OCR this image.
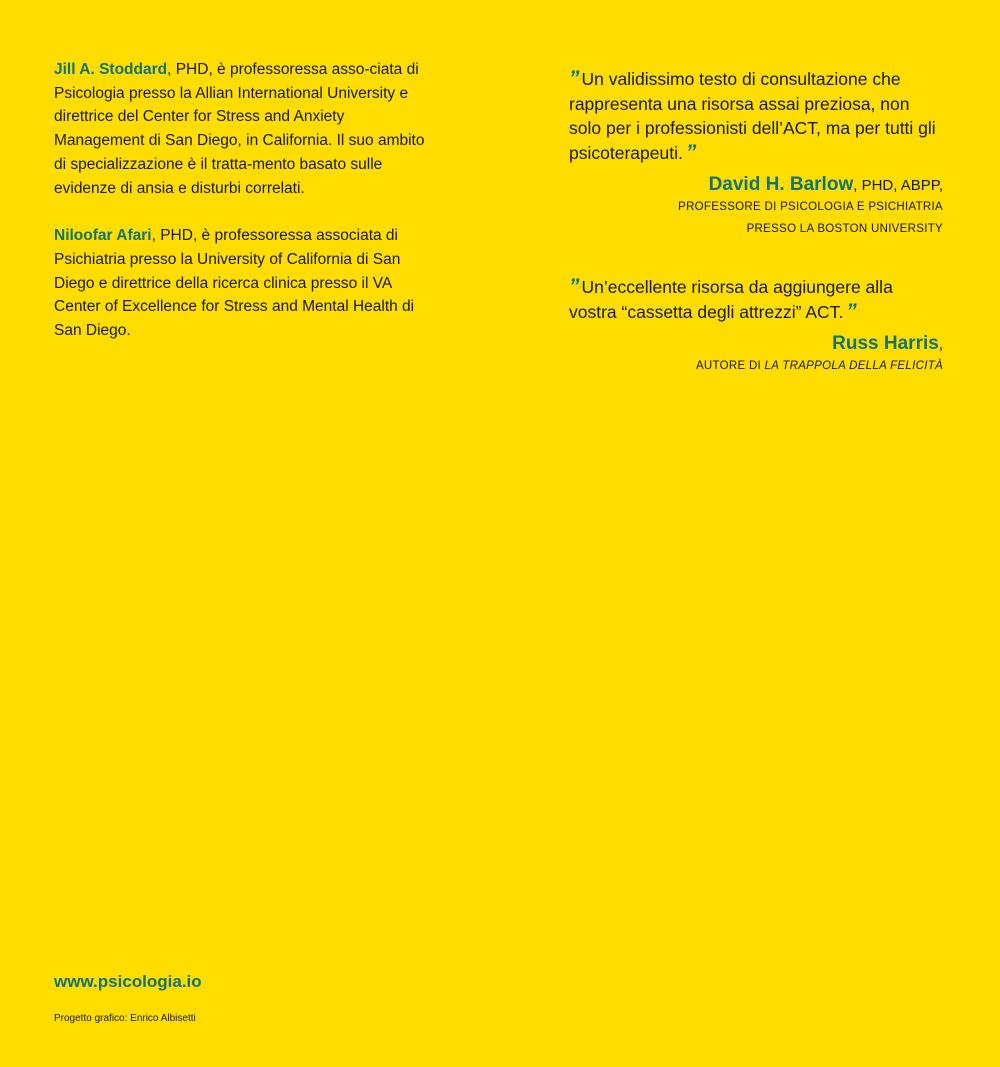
Jill A. Stoddard, PHD, è professoressa asso-ciata di Psicologia presso la Allian International University e direttrice del Center for Stress and Anxiety Management di San Diego, in California. Il suo ambito di specializzazione è il tratta-mento basato sulle evidenze di ansia e disturbi correlati.

Niloofar Afari, PHD, è professoressa associata di Psichiatria presso la University of California di San Diego e direttrice della ricerca clinica presso il VA Center of Excellence for Stress and Mental Health di San Diego.

” Un validissimo testo di consultazione che rappresenta una risorsa assai preziosa, non solo per i professionisti dell’ACT, ma per tutti gli psicoterapeuti. ”

David H. Barlow, PHD, ABPP,
PROFESSORE DI PSICOLOGIA E PSICHIATRIA
PRESSO LA BOSTON UNIVERSITY

” Un’eccellente risorsa da aggiungere alla vostra “cassetta degli attrezzi” ACT. ”

Russ Harris,
AUTORE DI LA TRAPPOLA DELLA FELICITÀ
www.psicologia.io
Progetto grafico: Enrico Albisetti
